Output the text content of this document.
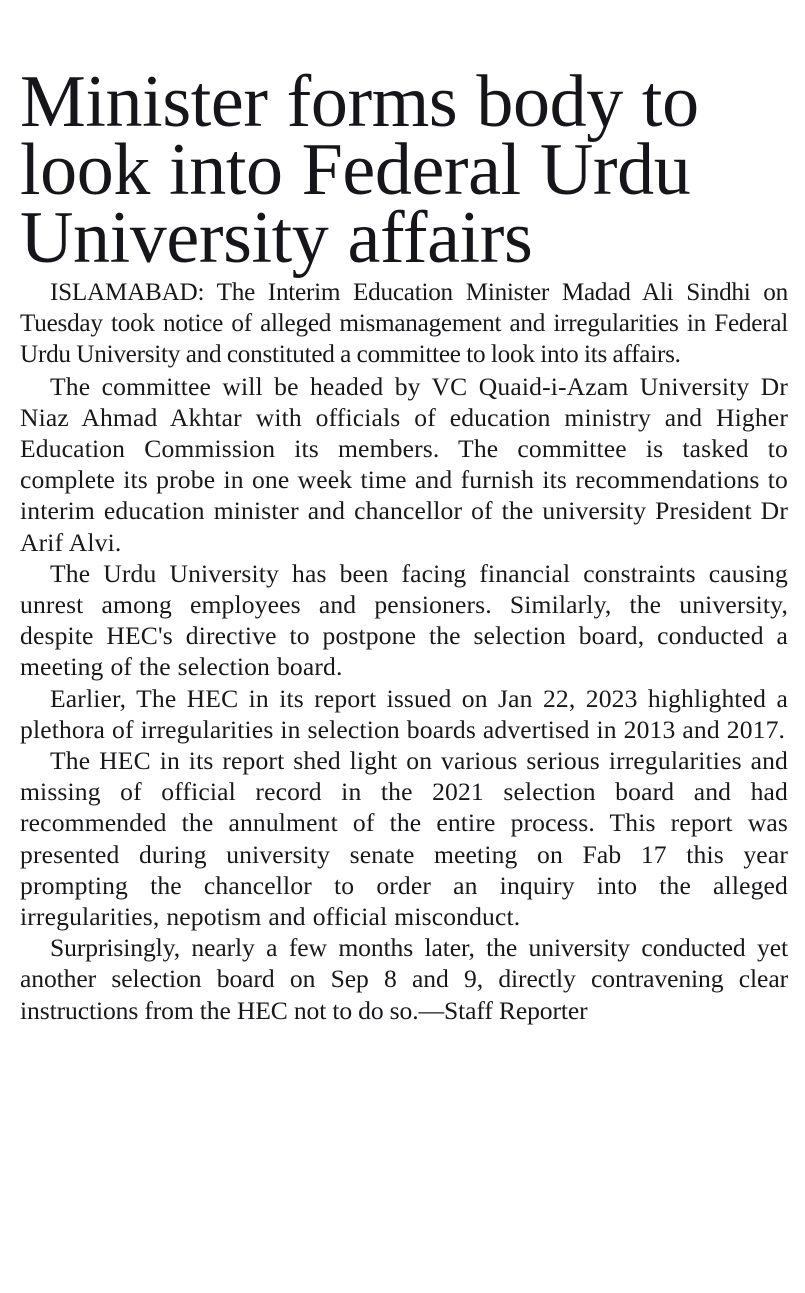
Minister forms body to
look into Federal Urdu
University affairs

ISLAMABAD: The Interim Education Minister Madad Ali Sindhi on Tuesday took notice of alleged mismanagement and irregularities in Federal Urdu University and constituted a committee to look into its affairs.

The committee will be headed by VC Quaid-i-Azam University Dr Niaz Ahmad Akhtar with officials of education ministry and Higher Education Commission its members. The committee is tasked to complete its probe in one week time and furnish its recommendations to interim education minister and chancellor of the university President Dr Arif Alvi.

The Urdu University has been facing financial constraints causing unrest among employees and pensioners. Similarly, the university, despite HEC's directive to postpone the selection board, conducted a meeting of the selection board.

Earlier, The HEC in its report issued on Jan 22, 2023 highlighted a plethora of irregularities in selection boards advertised in 2013 and 2017.

The HEC in its report shed light on various serious irregularities and missing of official record in the 2021 selection board and had recommended the annulment of the entire process. This report was presented during university senate meeting on Fab 17 this year prompting the chancellor to order an inquiry into the alleged irregularities, nepotism and official misconduct.

Surprisingly, nearly a few months later, the university conducted yet another selection board on Sep 8 and 9, directly contravening clear instructions from the HEC not to do so.—Staff Reporter
